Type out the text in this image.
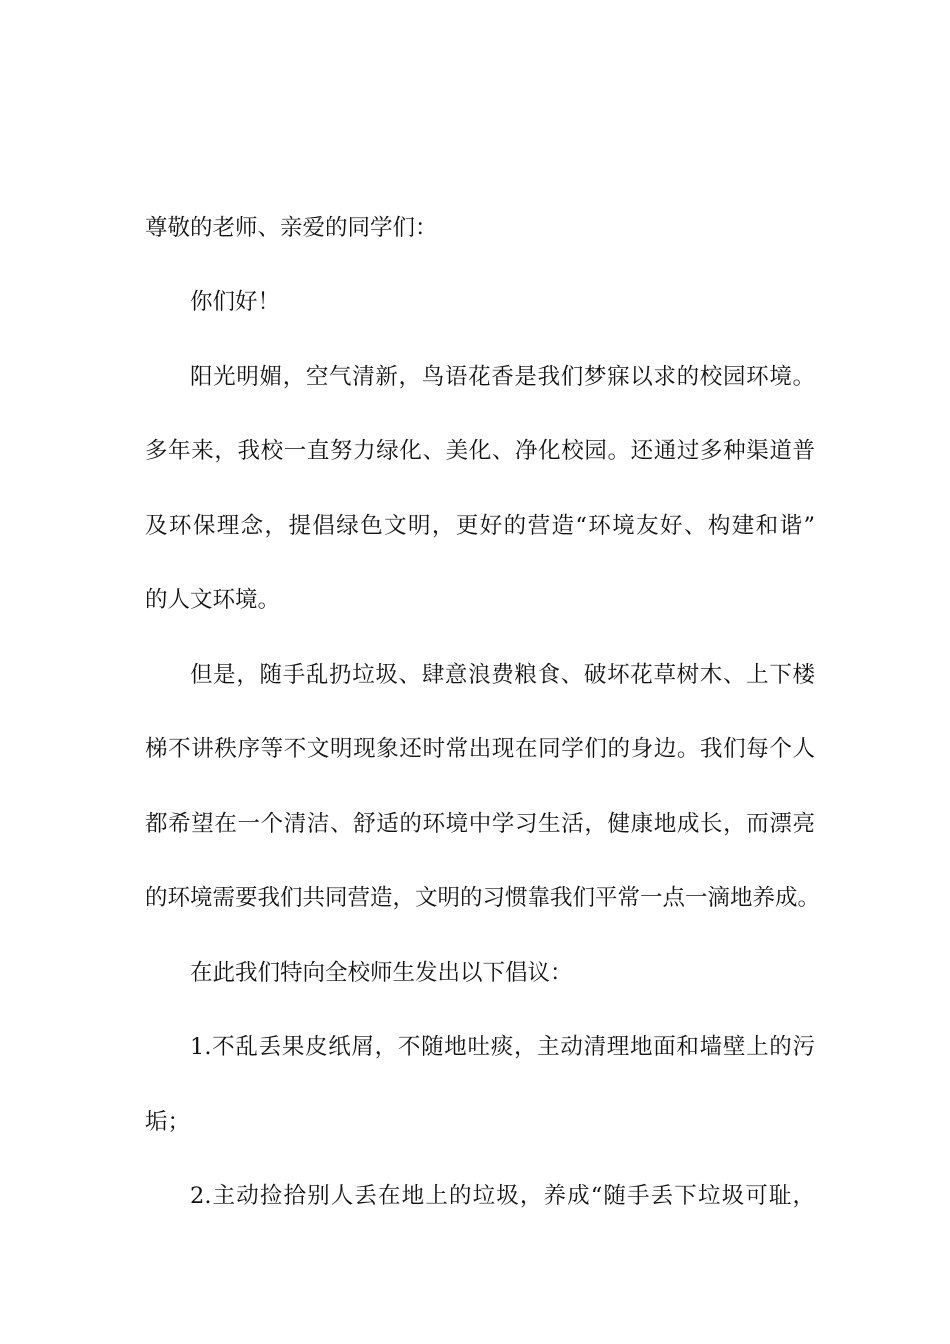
尊敬的老师、亲爱的同学们：
你们好！
阳光明媚，空气清新，鸟语花香是我们梦寐以求的校园环境。
多年来，我校一直努力绿化、美化、净化校园。还通过多种渠道普
及环保理念，提倡绿色文明，更好的营造“环境友好、构建和谐”
的人文环境。
但是，随手乱扔垃圾、肆意浪费粮食、破坏花草树木、上下楼
梯不讲秩序等不文明现象还时常出现在同学们的身边。我们每个人
都希望在一个清洁、舒适的环境中学习生活，健康地成长，而漂亮
的环境需要我们共同营造，文明的习惯靠我们平常一点一滴地养成。
在此我们特向全校师生发出以下倡议：
1.不乱丢果皮纸屑，不随地吐痰，主动清理地面和墙壁上的污
垢；
2.主动捡拾别人丢在地上的垃圾，养成“随手丢下垃圾可耻，
